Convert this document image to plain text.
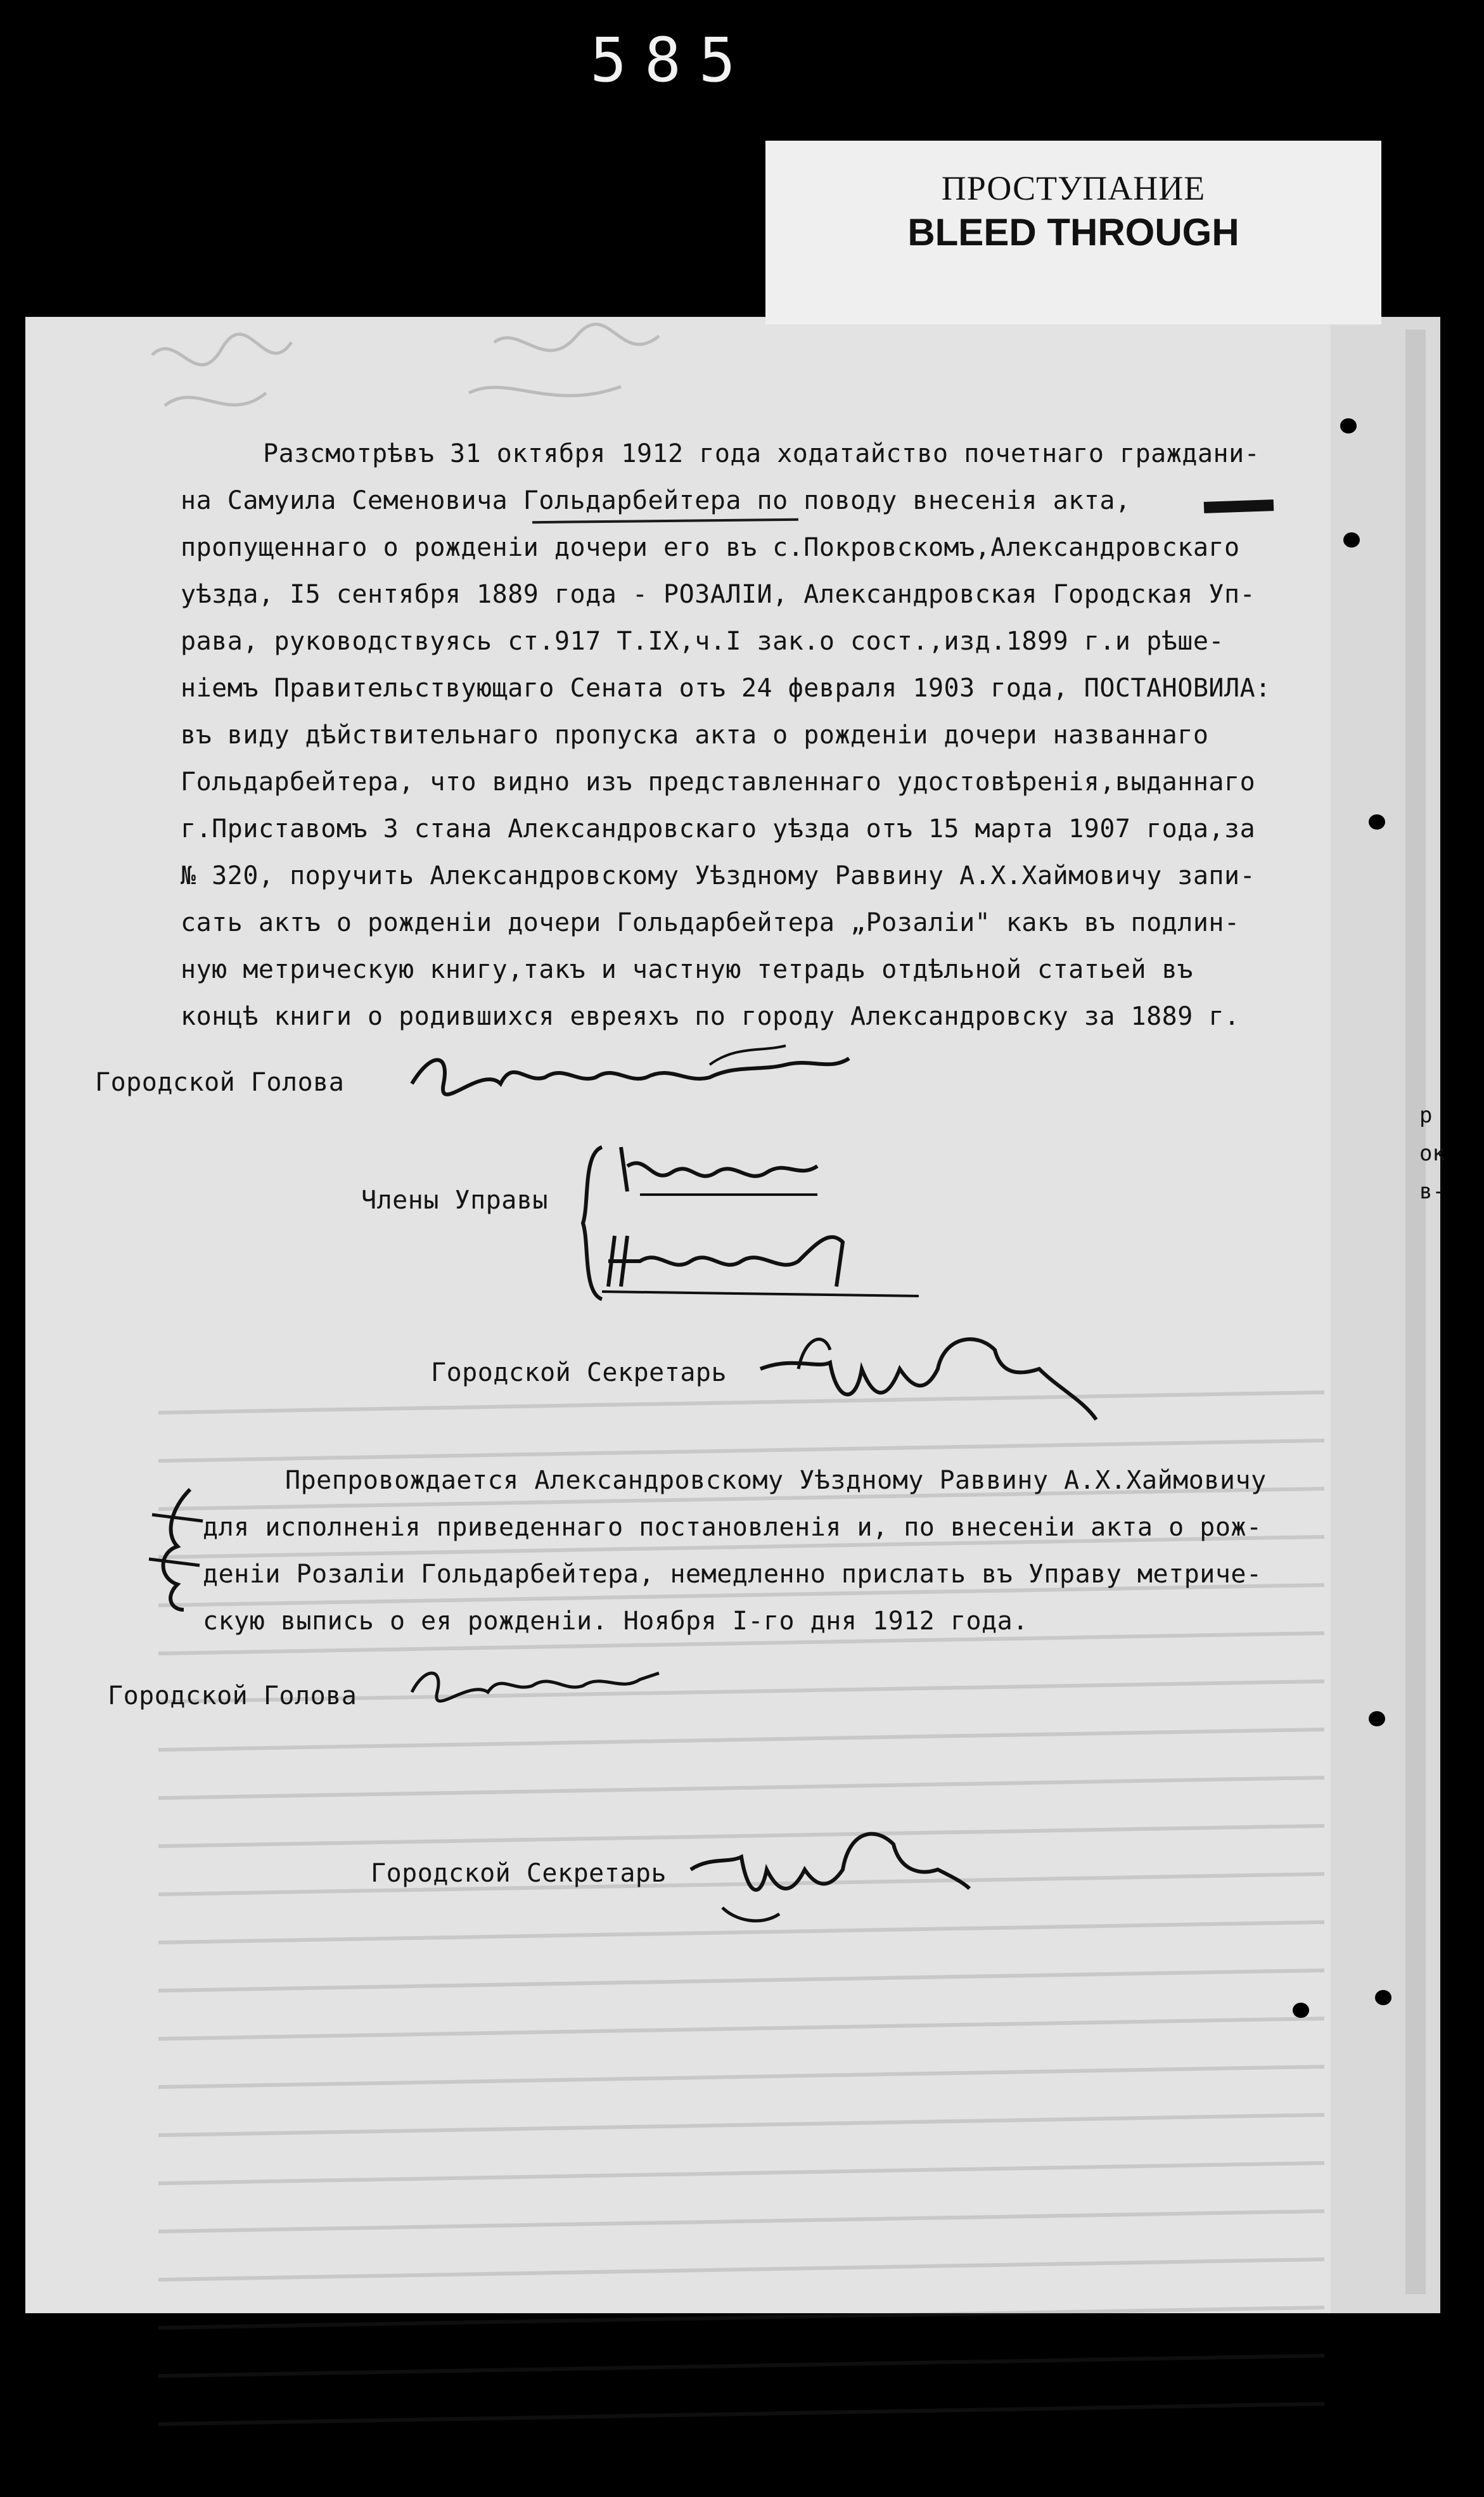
585
р
ок
в-

Разсмотрѣвъ 31 октября 1912 года ходатайство почетнаго граждани-

на Самуила Семеновича Гольдарбейтера по поводу внесенія акта,

пропущеннаго о рожденіи дочери его въ с.Покровскомъ,Александровскаго

уѣзда, I5 сентября 1889 года - РОЗАЛІИ, Александровская Городская Уп-

рава, руководствуясь ст.917 Т.IX,ч.I зак.о сост.,изд.1899 г.и рѣше-

ніемъ Правительствующаго Сената отъ 24 февраля 1903 года, ПОСТАНОВИЛА:

въ виду дѣйствительнаго пропуска акта о рожденіи дочери названнаго

Гольдарбейтера, что видно изъ представленнаго удостовѣренія,выданнаго

г.Приставомъ 3 стана Александровскаго уѣзда отъ 15 марта 1907 года,за

№ 320, поручить Александровскому Уѣздному Раввину А.Х.Хаймовичу запи-

сать актъ о рожденіи дочери Гольдарбейтера „Розаліи" какъ въ подлин-

ную метрическую книгу,такъ и частную тетрадь отдѣльной статьей въ

концѣ книги о родившихся евреяхъ по городу Александровску за 1889 г.

Городской Голова
Члены Управы
Городской Секретарь

Препровождается Александровскому Уѣздному Раввину А.Х.Хаймовичу

для исполненія приведеннаго постановленія и, по внесеніи акта о рож-

деніи Розаліи Гольдарбейтера, немедленно прислать въ Управу метриче-

скую выпись о ея рожденіи. Ноября I-го дня 1912 года.

Городской Голова
Городской Секретарь
ПРОСТУПАНИЕ
BLEED THROUGH
